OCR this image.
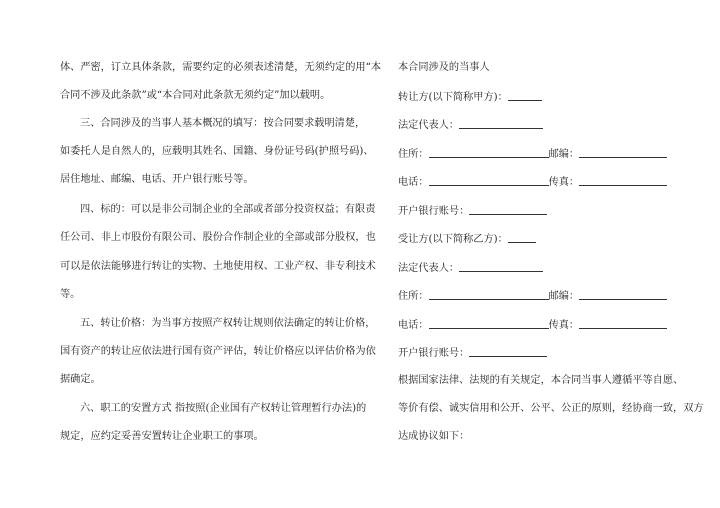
体、严密，订立具体条款，需要约定的必须表述清楚，无须约定的用“本
合同不涉及此条款”或“本合同对此条款无须约定”加以载明。
三、合同涉及的当事人基本概况的填写：按合同要求载明清楚，
如委托人是自然人的，应载明其姓名、国籍、身份证号码(护照号码)、
居住地址、邮编、电话、开户银行账号等。
四、标的：可以是非公司制企业的全部或者部分投资权益；有限责
任公司、非上市股份有限公司、股份合作制企业的全部或部分股权，也
可以是依法能够进行转让的实物、土地使用权、工业产权、非专利技术
等。
五、转让价格：为当事方按照产权转让规则依法确定的转让价格，
国有资产的转让应依法进行国有资产评估，转让价格应以评估价格为依
据确定。
六、职工的安置方式 指按照(企业国有产权转让管理暂行办法)的
规定，应约定妥善安置转让企业职工的事项。
本合同涉及的当事人
转让方(以下简称甲方)：
法定代表人：
住所：	邮编：
电话：	传真：
开户银行账号：
受让方(以下简称乙方)：
法定代表人：
住所：	邮编：
电话：	传真：
开户银行账号：
根据国家法律、法规的有关规定，本合同当事人遵循平等自愿、
等价有偿、诚实信用和公开、公平、公正的原则，经协商一致，双方
达成协议如下：
